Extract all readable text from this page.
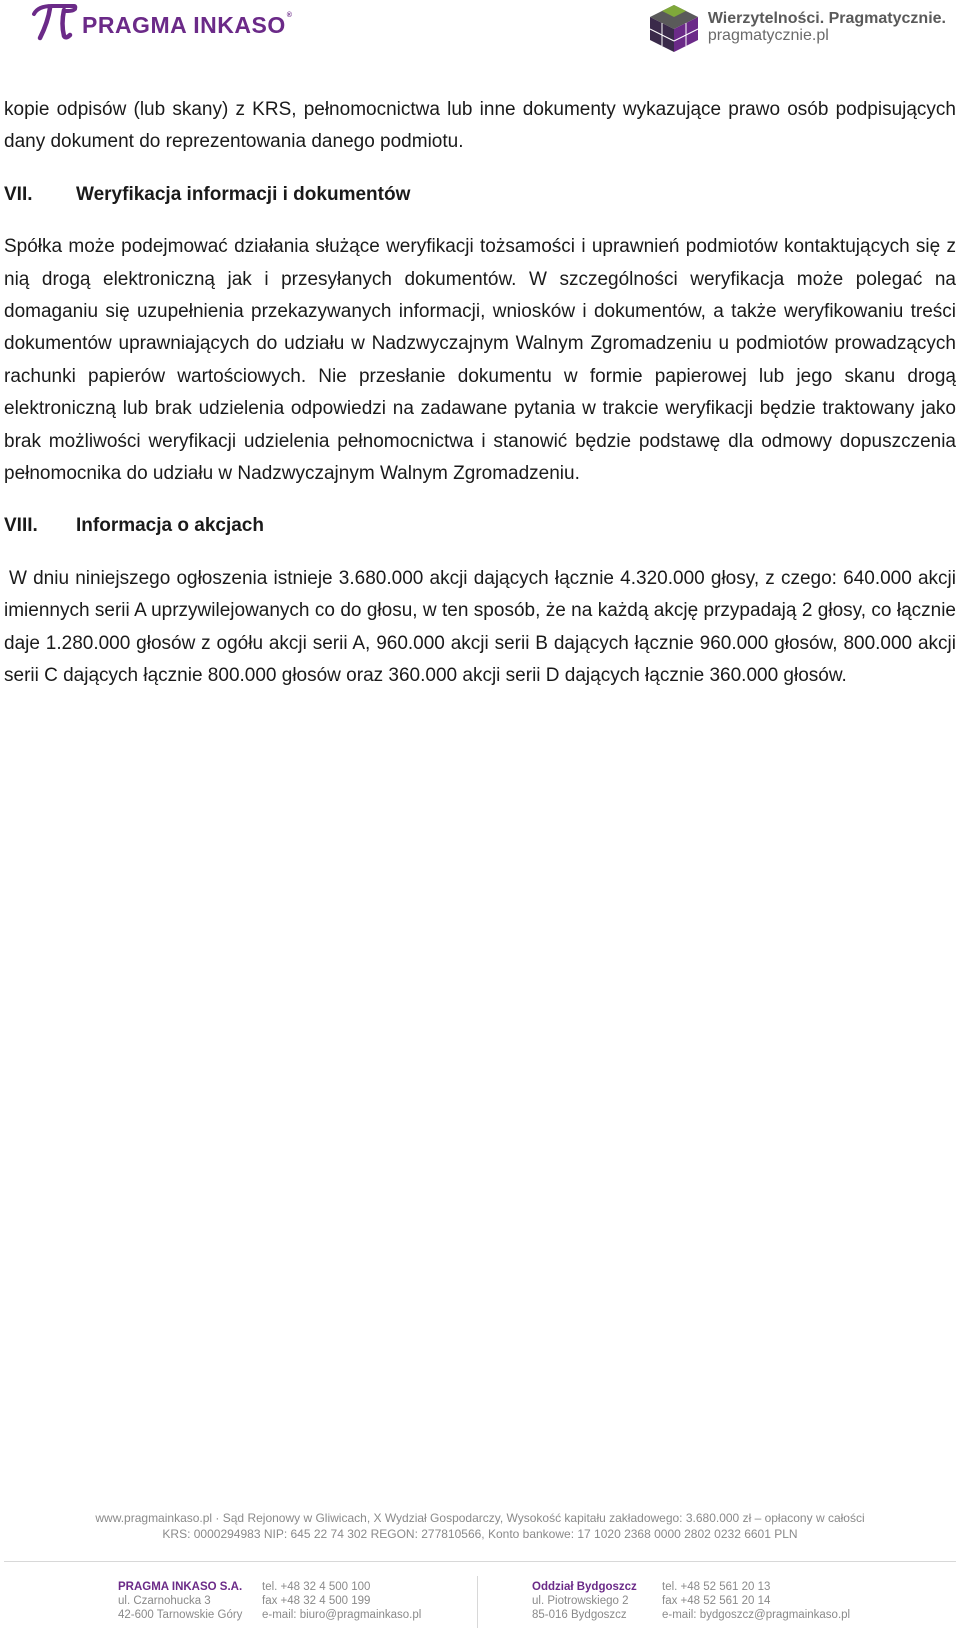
PRAGMA INKASO®	Wierzytelności. Pragmatycznie.
pragmatycznie.pl

kopie odpisów (lub skany) z KRS, pełnomocnictwa lub inne dokumenty wykazujące prawo osób podpisujących dany dokument do reprezentowania danego podmiotu.

VII.	Weryfikacja informacji i dokumentów

Spółka może podejmować działania służące weryfikacji tożsamości i uprawnień podmiotów kontaktujących się z nią drogą elektroniczną jak i przesyłanych dokumentów. W szczególności weryfikacja może polegać na domaganiu się uzupełnienia przekazywanych informacji, wniosków i dokumentów, a także weryfikowaniu treści dokumentów uprawniających do udziału w Nadzwyczajnym Walnym Zgromadzeniu u podmiotów prowadzących rachunki papierów wartościowych. Nie przesłanie dokumentu w formie papierowej lub jego skanu drogą elektroniczną lub brak udzielenia odpowiedzi na zadawane pytania w trakcie weryfikacji będzie traktowany jako brak możliwości weryfikacji udzielenia pełnomocnictwa i stanowić będzie podstawę dla odmowy dopuszczenia pełnomocnika do udziału w Nadzwyczajnym Walnym Zgromadzeniu.

VIII.	Informacja o akcjach

W dniu niniejszego ogłoszenia istnieje 3.680.000 akcji dających łącznie 4.320.000 głosy, z czego: 640.000 akcji imiennych serii A uprzywilejowanych co do głosu, w ten sposób, że na każdą akcję przypadają 2 głosy, co łącznie daje 1.280.000 głosów z ogółu akcji serii A, 960.000 akcji serii B dających łącznie 960.000 głosów, 800.000 akcji serii C dających łącznie 800.000 głosów oraz 360.000 akcji serii D dających łącznie 360.000 głosów.

www.pragmainkaso.pl · Sąd Rejonowy w Gliwicach, X Wydział Gospodarczy, Wysokość kapitału zakładowego: 3.680.000 zł – opłacony w całości
KRS: 0000294983 NIP: 645 22 74 302 REGON: 277810566, Konto bankowe: 17 1020 2368 0000 2802 0232 6601 PLN
PRAGMA INKASO S.A.
ul. Czarnohucka 3
42-600 Tarnowskie Góry
tel. +48 32 4 500 100
fax +48 32 4 500 199
e-mail: biuro@pragmainkaso.pl
Oddział Bydgoszcz
ul. Piotrowskiego 2
85-016 Bydgoszcz
tel. +48 52 561 20 13
fax +48 52 561 20 14
e-mail: bydgoszcz@pragmainkaso.pl
